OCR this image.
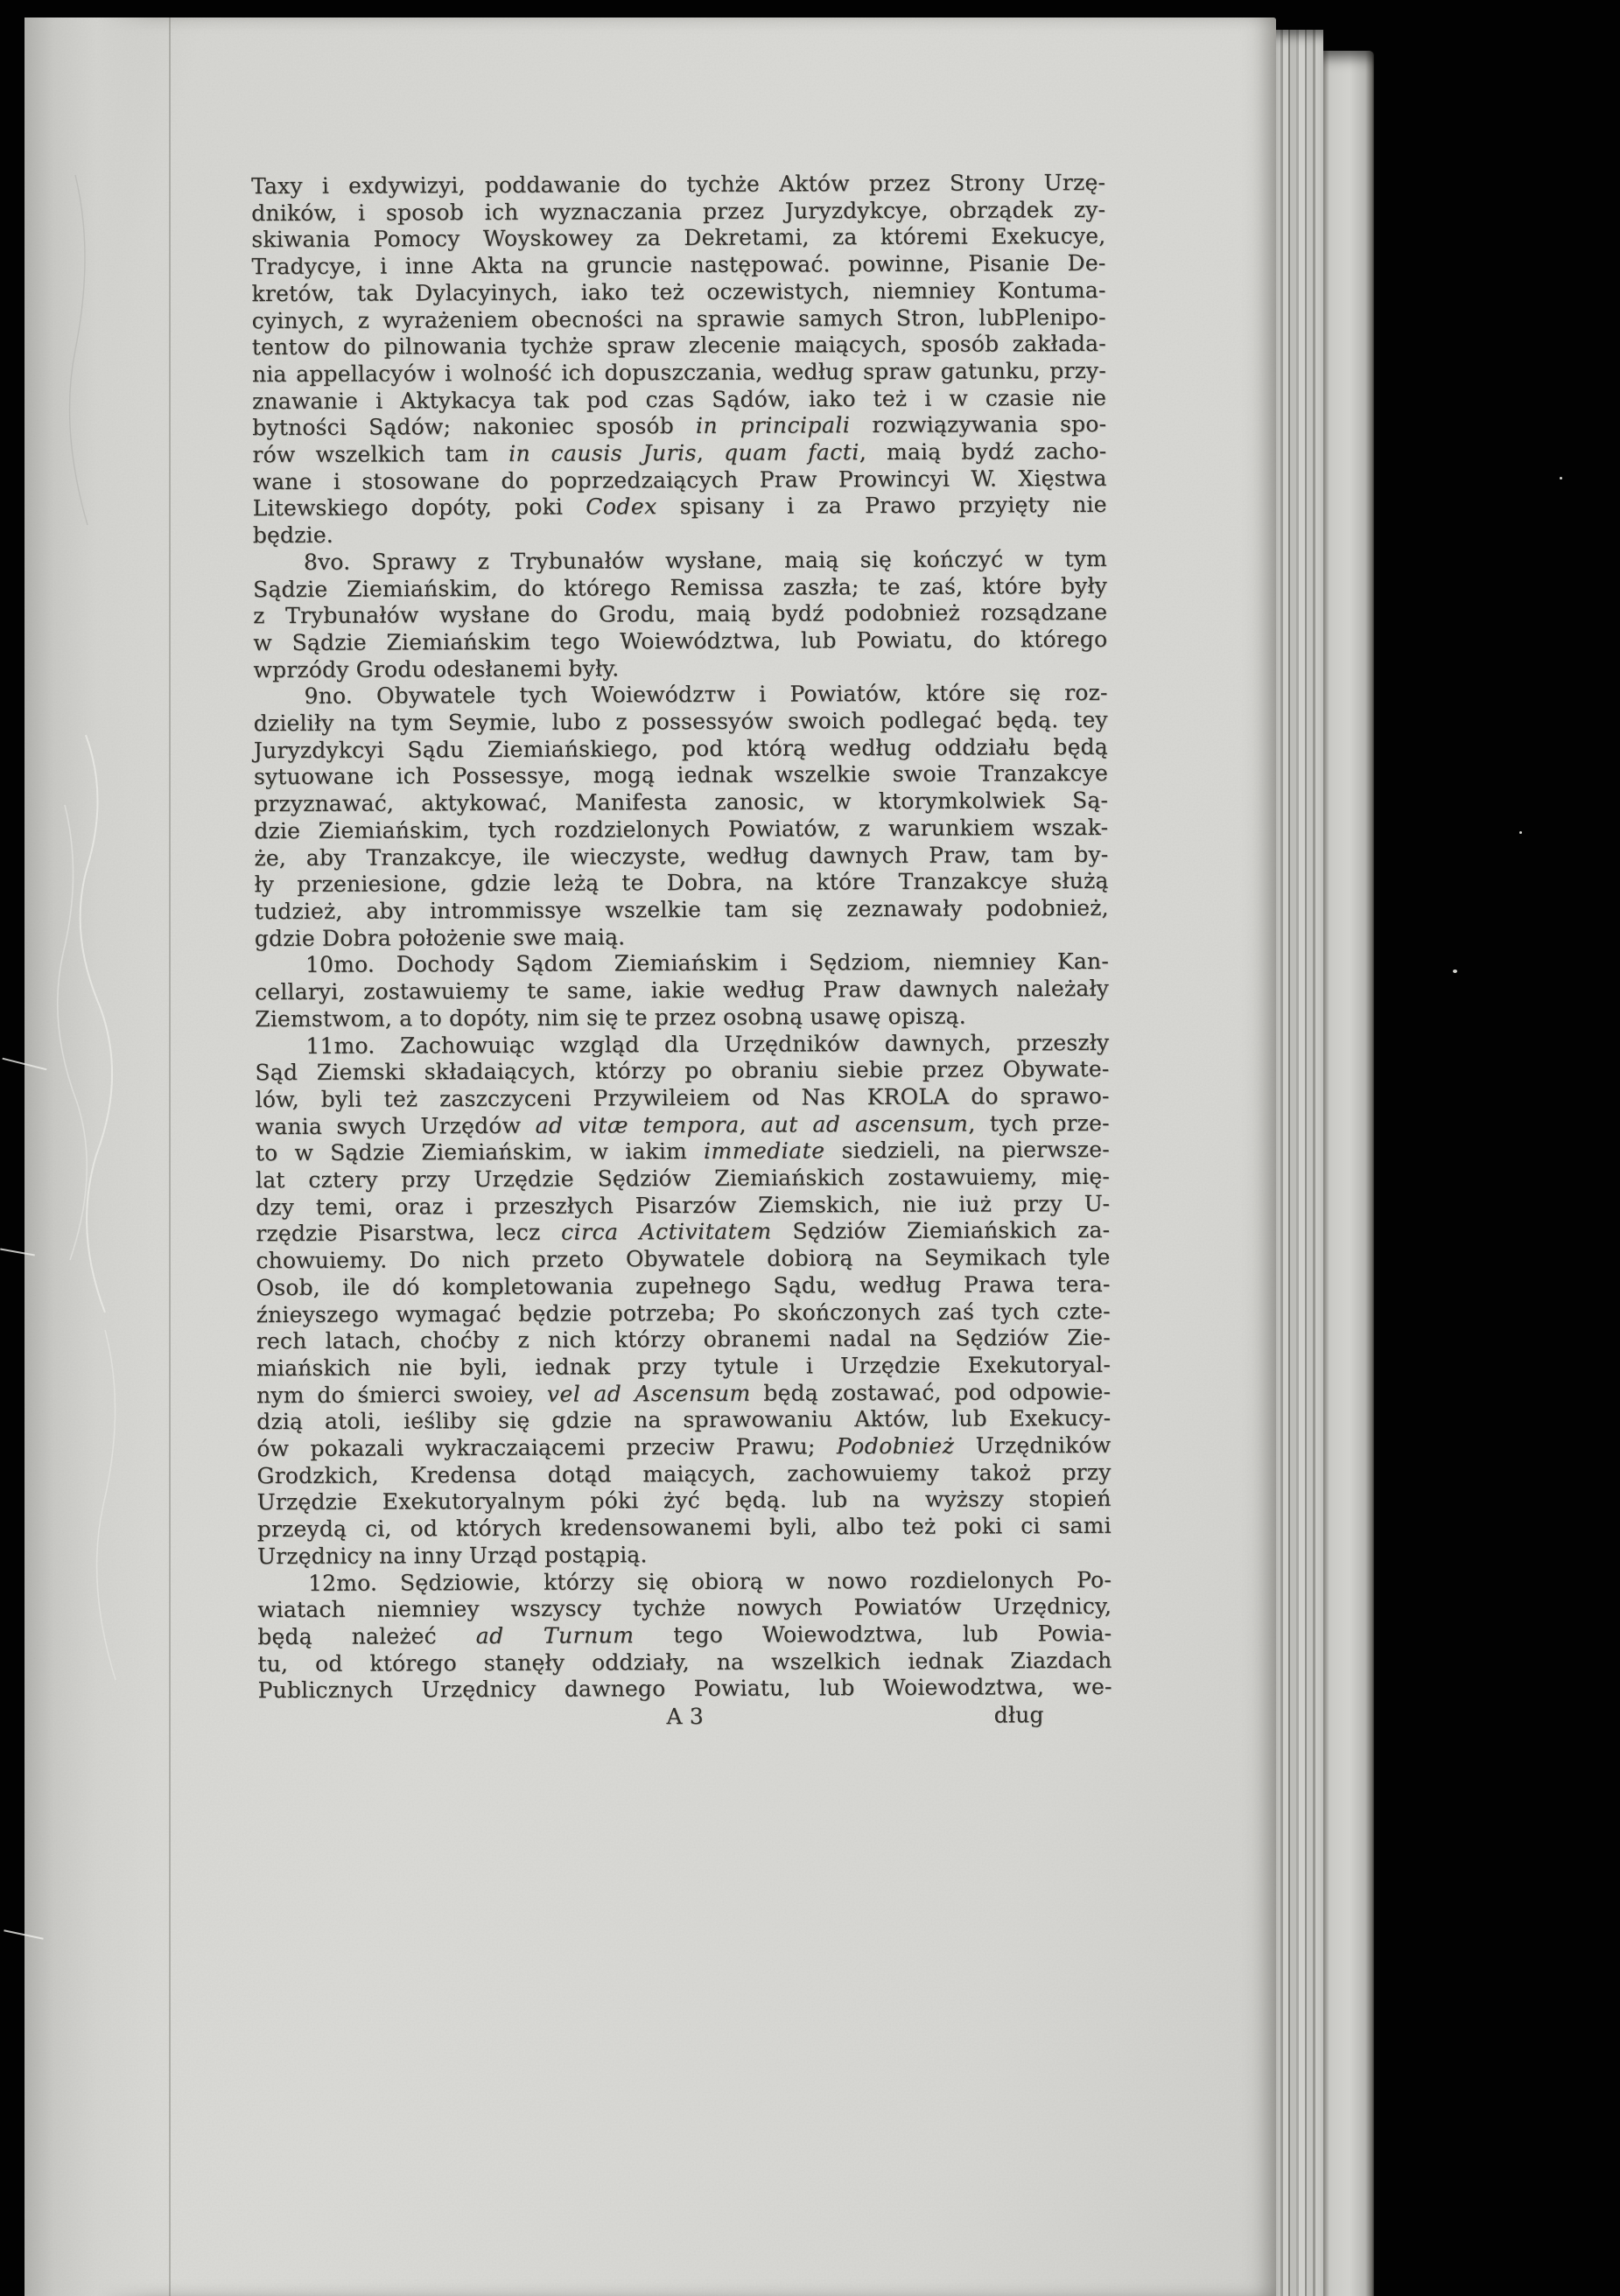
Taxy i exdywizyi, poddawanie do tychże Aktów przez Strony Urzę-
dników, i sposob ich wyznaczania przez Juryzdykcye, obrządek zy-
skiwania Pomocy Woyskowey za Dekretami, za któremi Exekucye,
Tradycye, i inne Akta na gruncie następować. powinne, Pisanie De-
kretów, tak Dylacyinych, iako też oczewistych, niemniey Kontuma-
cyinych, z wyrażeniem obecności na sprawie samych Stron, lubPlenipo-
tentow do pilnowania tychże spraw zlecenie maiących, sposób zakłada-
nia appellacyów i wolność ich dopuszczania, według spraw gatunku, przy-
znawanie i Aktykacya tak pod czas Sądów, iako też i w czasie nie
bytności Sądów; nakoniec sposób in principali rozwiązywania spo-
rów wszelkich tam in causis Juris, quam facti, maią bydź zacho-
wane i stosowane do poprzedzaiących Praw Prowincyi W. Xięstwa
Litewskiego dopóty, poki Codex spisany i za Prawo przyięty nie
będzie.
8vo. Sprawy z Trybunałów wysłane, maią się kończyć w tym
Sądzie Ziemiańskim, do którego Remissa zaszła; te zaś, które były
z Trybunałów wysłane do Grodu, maią bydź podobnież rozsądzane
w Sądzie Ziemiańskim tego Woiewództwa, lub Powiatu, do którego
wprzódy Grodu odesłanemi były.
9no. Obywatele tych Woiewódzтw i Powiatów, które się roz-
dzieliły na tym Seymie, lubo z possessyów swoich podlegać będą. tey
Juryzdykcyi Sądu Ziemiańskiego, pod którą według oddziału będą
sytuowane ich Possessye, mogą iednak wszelkie swoie Tranzakcye
przyznawać, aktykować, Manifesta zanosic, w ktorymkolwiek Są-
dzie Ziemiańskim, tych rozdzielonych Powiatów, z warunkiem wszak-
że, aby Tranzakcye, ile wieczyste, według dawnych Praw, tam by-
ły przeniesione, gdzie leżą te Dobra, na które Tranzakcye służą
tudzież, aby intrommissye wszelkie tam się zeznawały podobnież,
gdzie Dobra położenie swe maią.
10mo. Dochody Sądom Ziemiańskim i Sędziom, niemniey Kan-
cellaryi, zostawuiemy te same, iakie według Praw dawnych należały
Ziemstwom, a to dopóty, nim się te przez osobną usawę opiszą.
11mo. Zachowuiąc wzgląd dla Urzędników dawnych, przeszły
Sąd Ziemski składaiących, którzy po obraniu siebie przez Obywate-
lów, byli też zaszczyceni Przywileiem od Nas KROLA do sprawo-
wania swych Urzędów ad vitæ tempora, aut ad ascensum, tych prze-
to w Sądzie Ziemiańskim, w iakim immediate siedzieli, na pierwsze-
lat cztery przy Urzędzie Sędziów Ziemiańskich zostawuiemy, mię-
dzy temi, oraz i przeszłych Pisarzów Ziemskich, nie iuż przy U-
rzędzie Pisarstwa, lecz circa Activitatem Sędziów Ziemiańskich za-
chowuiemy. Do nich przeto Obywatele dobiorą na Seymikach tyle
Osob, ile dó kompletowania zupełnego Sądu, według Prawa tera-
źnieyszego wymagać będzie potrzeba; Po skończonych zaś tych czte-
rech latach, choćby z nich którzy obranemi nadal na Sędziów Zie-
miańskich nie byli, iednak przy tytule i Urzędzie Exekutoryal-
nym do śmierci swoiey, vel ad Ascensum będą zostawać, pod odpowie-
dzią atoli, ieśliby się gdzie na sprawowaniu Aktów, lub Exekucy-
ów pokazali wykraczaiącemi przeciw Prawu; Podobnież Urzędników
Grodzkich, Kredensa dotąd maiących, zachowuiemy takoż przy
Urzędzie Exekutoryalnym póki żyć będą. lub na wyższy stopień
przeydą ci, od których kredensowanemi byli, albo też poki ci sami
Urzędnicy na inny Urząd postąpią.
12mo. Sędziowie, którzy się obiorą w nowo rozdielonych Po-
wiatach niemniey wszyscy tychże nowych Powiatów Urzędnicy,
będą należeć ad Turnum tego Woiewodztwa, lub Powia-
tu, od którego stanęły oddziały, na wszelkich iednak Ziazdach
Publicznych Urzędnicy dawnego Powiatu, lub Woiewodztwa, we-
A 3	dług
